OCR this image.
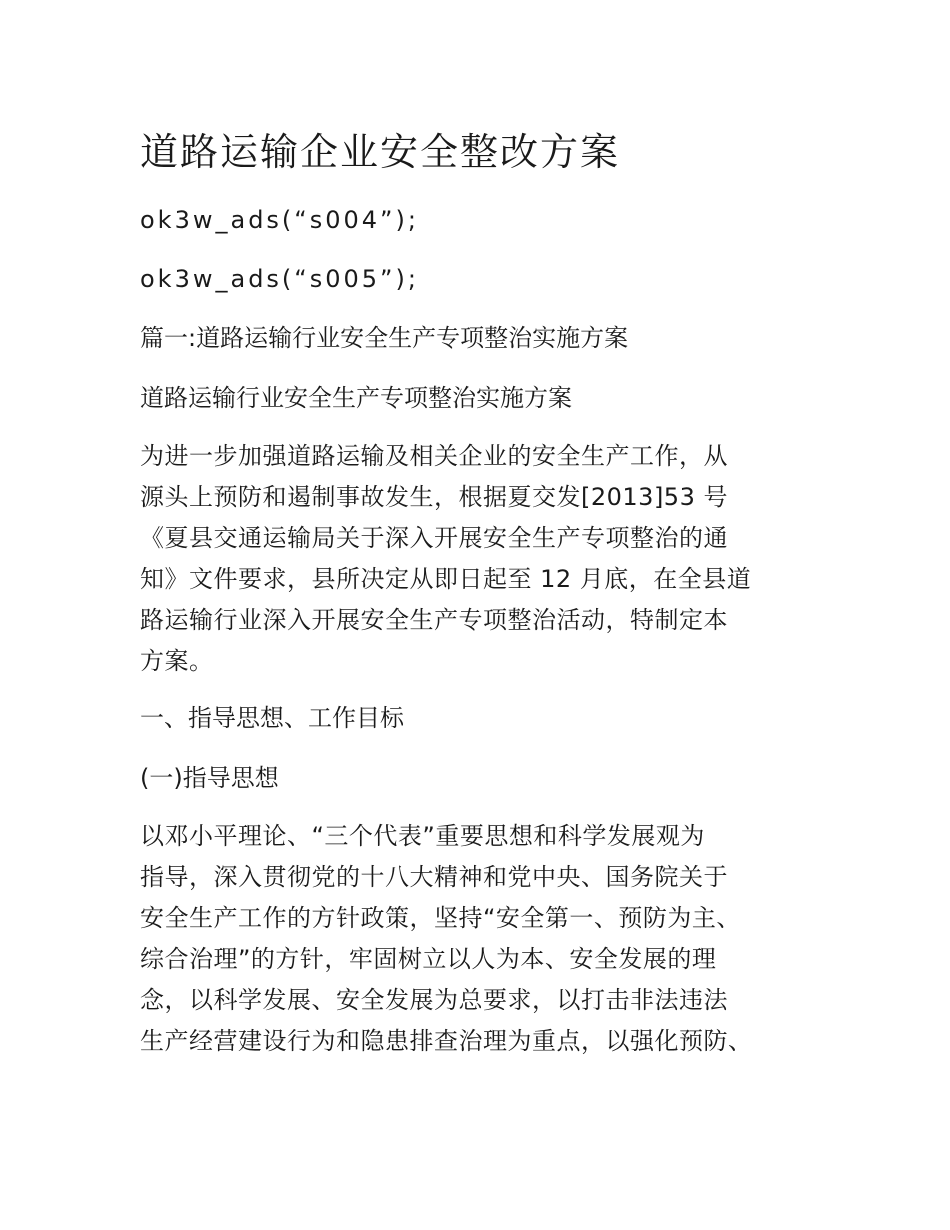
道路运输企业安全整改方案

ok3w_ads(“s004”);

ok3w_ads(“s005”);

篇一:道路运输行业安全生产专项整治实施方案

道路运输行业安全生产专项整治实施方案

为进一步加强道路运输及相关企业的安全生产工作，从
源头上预防和遏制事故发生，根据夏交发[2013]53 号
《夏县交通运输局关于深入开展安全生产专项整治的通
知》文件要求，县所决定从即日起至 12 月底，在全县道
路运输行业深入开展安全生产专项整治活动，特制定本
方案。

一、指导思想、工作目标

(一)指导思想

以邓小平理论、“三个代表”重要思想和科学发展观为
指导，深入贯彻党的十八大精神和党中央、国务院关于
安全生产工作的方针政策，坚持“安全第一、预防为主、
综合治理”的方针，牢固树立以人为本、安全发展的理
念，以科学发展、安全发展为总要求，以打击非法违法
生产经营建设行为和隐患排查治理为重点，以强化预防、
